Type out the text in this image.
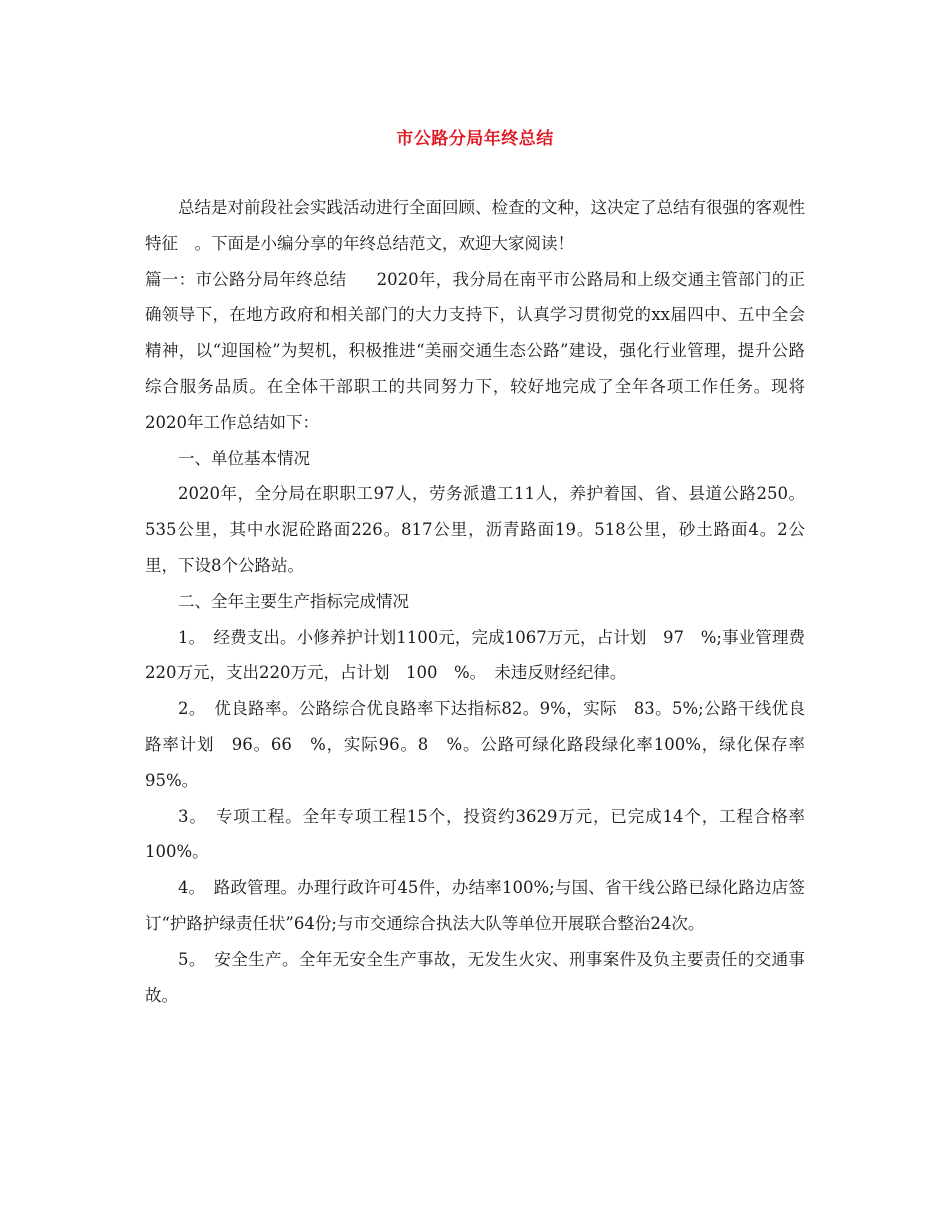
市公路分局年终总结

总结是对前段社会实践活动进行全面回顾、检查的文种，这决定了总结有很强的客观性特征　。下面是小编分享的年终总结范文，欢迎大家阅读！

篇一：市公路分局年终总结 2020年，我分局在南平市公路局和上级交通主管部门的正确领导下，在地方政府和相关部门的大力支持下，认真学习贯彻党的xx届四中、五中全会精神，以“迎国检”为契机，积极推进“美丽交通生态公路”建设，强化行业管理，提升公路综合服务品质。在全体干部职工的共同努力下，较好地完成了全年各项工作任务。现将2020年工作总结如下：

一、单位基本情况

2020年，全分局在职职工97人，劳务派遣工11人，养护着国、省、县道公路250。535公里，其中水泥砼路面226。817公里，沥青路面19。518公里，砂土路面4。2公里，下设8个公路站。

二、全年主要生产指标完成情况

1。　经费支出。小修养护计划1100元，完成1067万元，占计划　97　%;事业管理费220万元，支出220万元，占计划　100　%。　未违反财经纪律。

2。　优良路率。公路综合优良路率下达指标82。9%，实际　83。5%;公路干线优良路率计划　96。66　%，实际96。8　%。公路可绿化路段绿化率100%，绿化保存率95%。

3。　专项工程。全年专项工程15个，投资约3629万元，已完成14个，工程合格率100%。

4。　路政管理。办理行政许可45件，办结率100%;与国、省干线公路已绿化路边店签订“护路护绿责任状”64份;与市交通综合执法大队等单位开展联合整治24次。

5。　安全生产。全年无安全生产事故，无发生火灾、刑事案件及负主要责任的交通事故。
